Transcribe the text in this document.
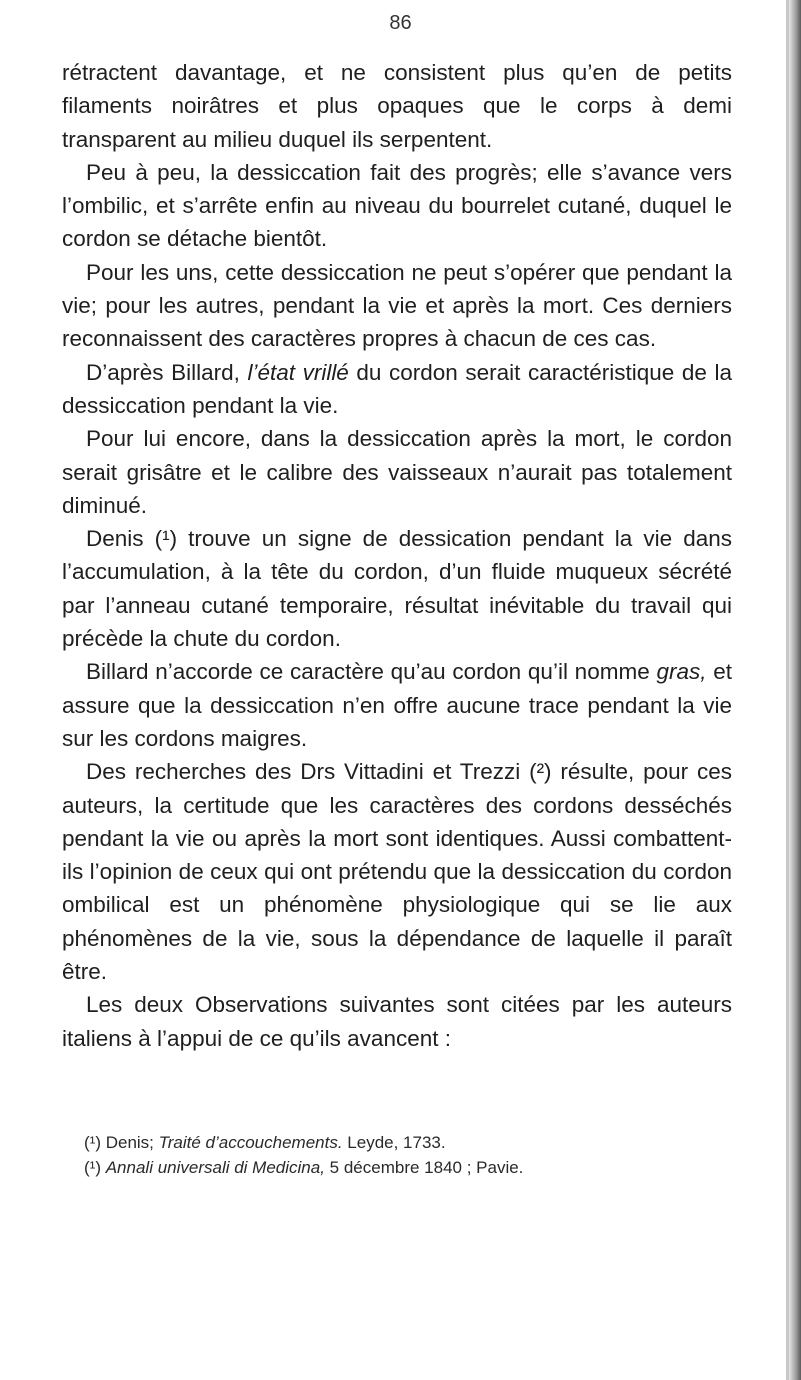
86

rétractent davantage, et ne consistent plus qu’en de petits filaments noirâtres et plus opaques que le corps à demi transparent au milieu duquel ils serpentent.

Peu à peu, la dessiccation fait des progrès; elle s’avance vers l’ombilic, et s’arrête enfin au niveau du bourrelet cutané, duquel le cordon se détache bientôt.

Pour les uns, cette dessiccation ne peut s’opérer que pendant la vie; pour les autres, pendant la vie et après la mort. Ces derniers reconnaissent des caractères propres à chacun de ces cas.

D’après Billard, l’état vrillé du cordon serait caractéristique de la dessiccation pendant la vie.

Pour lui encore, dans la dessiccation après la mort, le cordon serait grisâtre et le calibre des vaisseaux n’aurait pas totalement diminué.

Denis (¹) trouve un signe de dessication pendant la vie dans l’accumulation, à la tête du cordon, d’un fluide muqueux sécrété par l’anneau cutané temporaire, résultat inévitable du travail qui précède la chute du cordon.

Billard n’accorde ce caractère qu’au cordon qu’il nomme gras, et assure que la dessiccation n’en offre aucune trace pendant la vie sur les cordons maigres.

Des recherches des Drs Vittadini et Trezzi (²) résulte, pour ces auteurs, la certitude que les caractères des cordons desséchés pendant la vie ou après la mort sont identiques. Aussi combattent-ils l’opinion de ceux qui ont prétendu que la dessiccation du cordon ombilical est un phénomène physiologique qui se lie aux phénomènes de la vie, sous la dépendance de laquelle il paraît être.

Les deux Observations suivantes sont citées par les auteurs italiens à l’appui de ce qu’ils avancent :

(¹) Denis; Traité d’accouchements. Leyde, 1733.

(¹) Annali universali di Medicina, 5 décembre 1840 ; Pavie.
